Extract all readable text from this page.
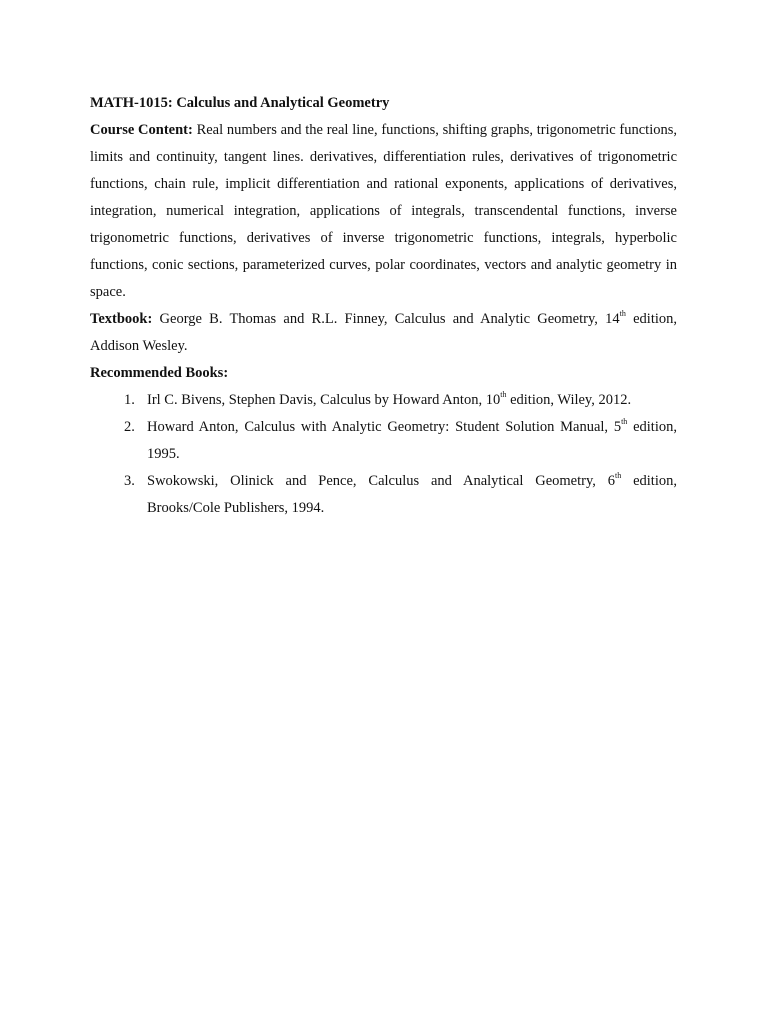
MATH-1015: Calculus and Analytical Geometry

Course Content: Real numbers and the real line, functions, shifting graphs, trigonometric functions, limits and continuity, tangent lines. derivatives, differentiation rules, derivatives of trigonometric functions, chain rule, implicit differentiation and rational exponents, applications of derivatives, integration, numerical integration, applications of integrals, transcendental functions, inverse trigonometric functions, derivatives of inverse trigonometric functions, integrals, hyperbolic functions, conic sections, parameterized curves, polar coordinates, vectors and analytic geometry in space.

Textbook: George B. Thomas and R.L. Finney, Calculus and Analytic Geometry, 14th edition, Addison Wesley.

Recommended Books:

1. Irl C. Bivens, Stephen Davis, Calculus by Howard Anton, 10th edition, Wiley, 2012.
2. Howard Anton, Calculus with Analytic Geometry: Student Solution Manual, 5th edition, 1995.
3. Swokowski, Olinick and Pence, Calculus and Analytical Geometry, 6th edition, Brooks/Cole Publishers, 1994.
